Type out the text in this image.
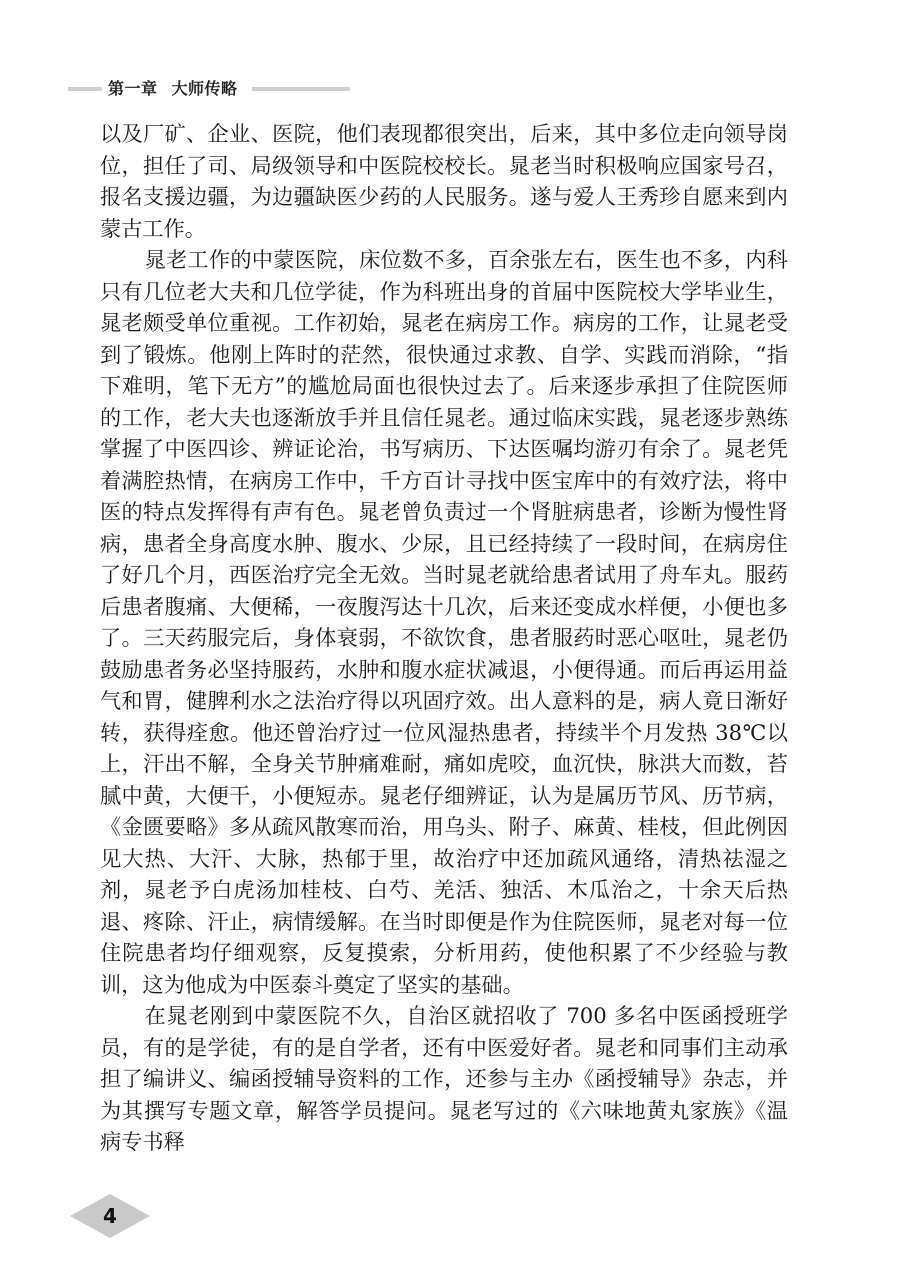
第一章 大师传略

以及厂矿、企业、医院，他们表现都很突出，后来，其中多位走向领导岗位，担任了司、局级领导和中医院校校长。晁老当时积极响应国家号召，报名支援边疆，为边疆缺医少药的人民服务。遂与爱人王秀珍自愿来到内蒙古工作。

晁老工作的中蒙医院，床位数不多，百余张左右，医生也不多，内科只有几位老大夫和几位学徒，作为科班出身的首届中医院校大学毕业生，晁老颇受单位重视。工作初始，晁老在病房工作。病房的工作，让晁老受到了锻炼。他刚上阵时的茫然，很快通过求教、自学、实践而消除，“指下难明，笔下无方”的尴尬局面也很快过去了。后来逐步承担了住院医师的工作，老大夫也逐渐放手并且信任晁老。通过临床实践，晁老逐步熟练掌握了中医四诊、辨证论治，书写病历、下达医嘱均游刃有余了。晁老凭着满腔热情，在病房工作中，千方百计寻找中医宝库中的有效疗法，将中医的特点发挥得有声有色。晁老曾负责过一个肾脏病患者，诊断为慢性肾病，患者全身高度水肿、腹水、少尿，且已经持续了一段时间，在病房住了好几个月，西医治疗完全无效。当时晁老就给患者试用了舟车丸。服药后患者腹痛、大便稀，一夜腹泻达十几次，后来还变成水样便，小便也多了。三天药服完后，身体衰弱，不欲饮食，患者服药时恶心呕吐，晁老仍鼓励患者务必坚持服药，水肿和腹水症状减退，小便得通。而后再运用益气和胃，健脾利水之法治疗得以巩固疗效。出人意料的是，病人竟日渐好转，获得痊愈。他还曾治疗过一位风湿热患者，持续半个月发热 38℃以上，汗出不解，全身关节肿痛难耐，痛如虎咬，血沉快，脉洪大而数，苔腻中黄，大便干，小便短赤。晁老仔细辨证，认为是属历节风、历节病，《金匮要略》多从疏风散寒而治，用乌头、附子、麻黄、桂枝，但此例因见大热、大汗、大脉，热郁于里，故治疗中还加疏风通络，清热祛湿之剂，晁老予白虎汤加桂枝、白芍、羌活、独活、木瓜治之，十余天后热退、疼除、汗止，病情缓解。在当时即便是作为住院医师，晁老对每一位住院患者均仔细观察，反复摸索，分析用药，使他积累了不少经验与教训，这为他成为中医泰斗奠定了坚实的基础。

在晁老刚到中蒙医院不久，自治区就招收了 700 多名中医函授班学员，有的是学徒，有的是自学者，还有中医爱好者。晁老和同事们主动承担了编讲义、编函授辅导资料的工作，还参与主办《函授辅导》杂志，并为其撰写专题文章，解答学员提问。晁老写过的《六味地黄丸家族》《温病专书释

4
